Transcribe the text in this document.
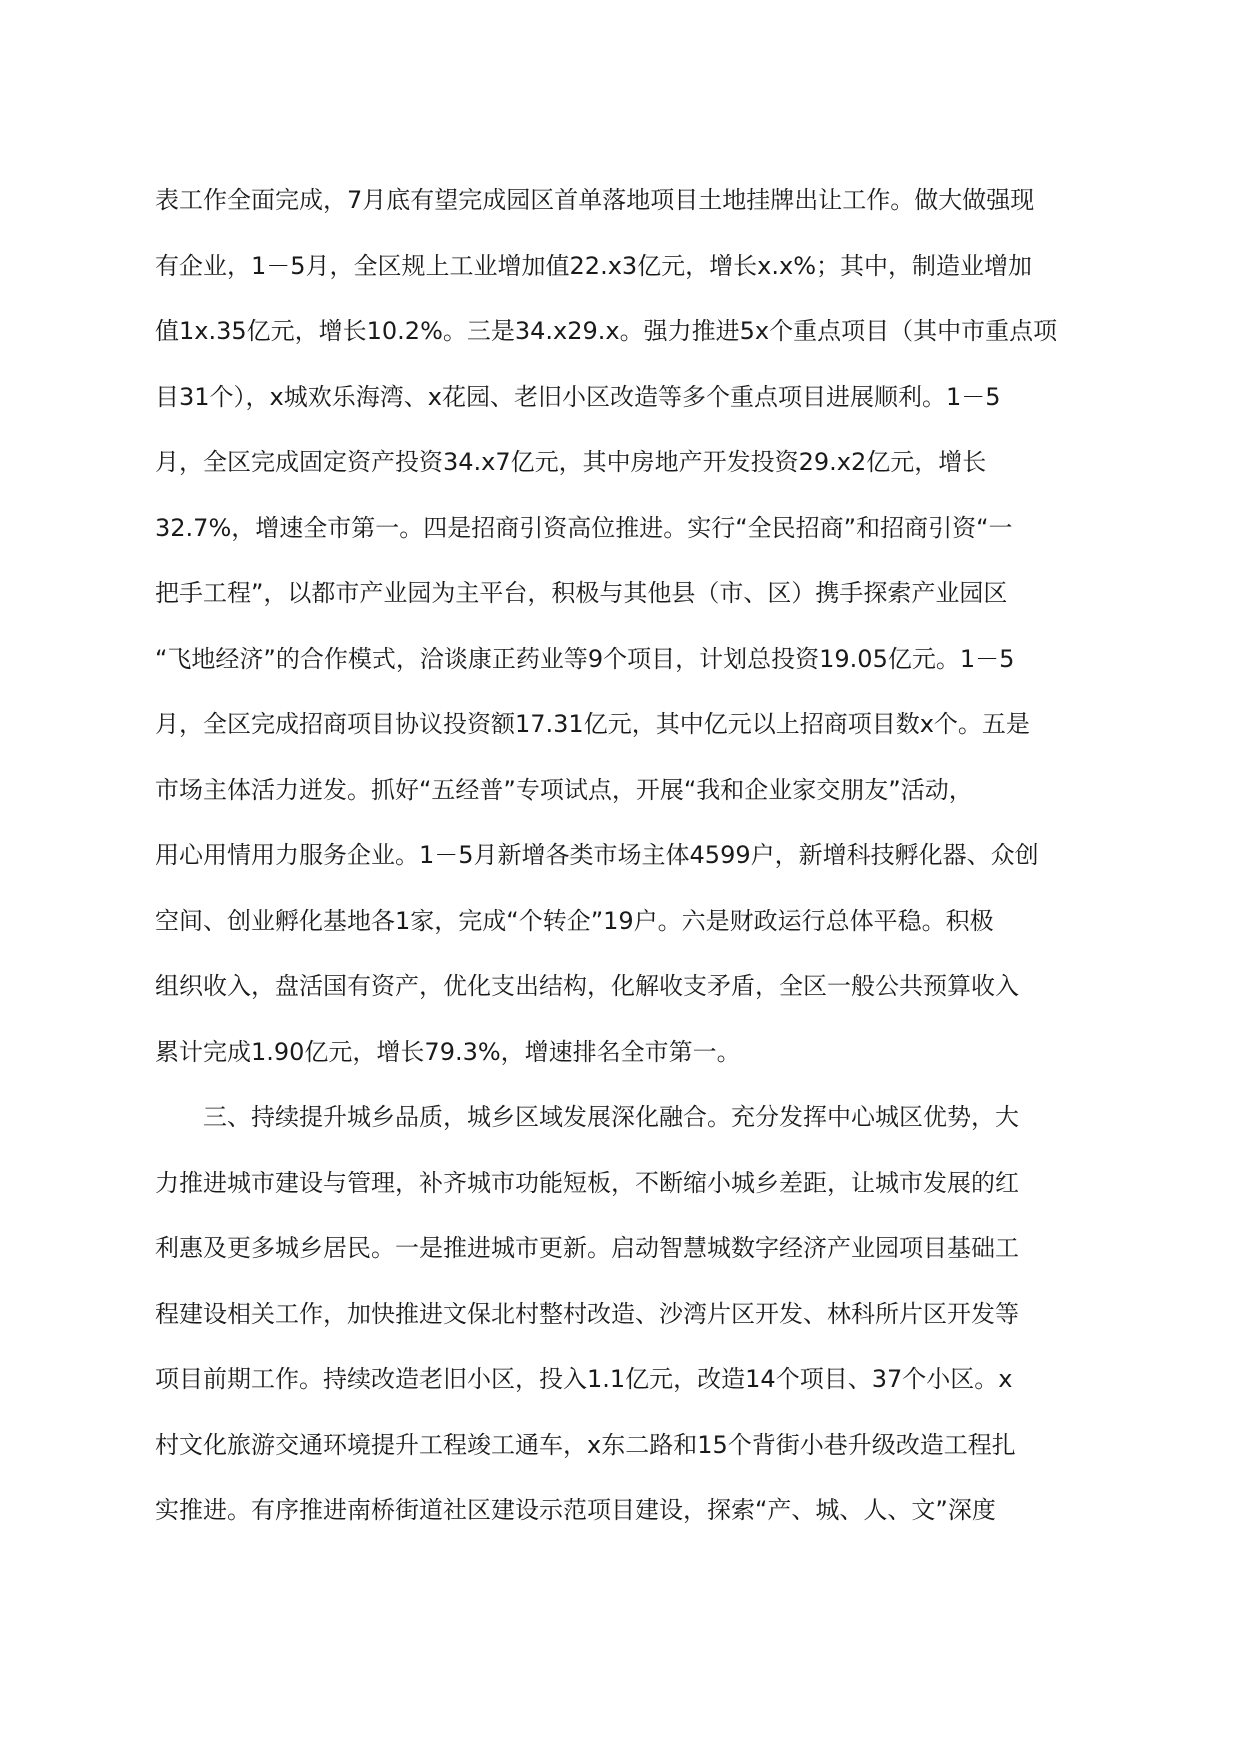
表工作全面完成，7月底有望完成园区首单落地项目土地挂牌出让工作。做大做强现
有企业，1－5月，全区规上工业增加值22.x3亿元，增长x.x%；其中，制造业增加
值1x.35亿元，增长10.2%。三是34.x29.x。强力推进5x个重点项目（其中市重点项
目31个），x城欢乐海湾、x花园、老旧小区改造等多个重点项目进展顺利。1－5
月，全区完成固定资产投资34.x7亿元，其中房地产开发投资29.x2亿元，增长
32.7%，增速全市第一。四是招商引资高位推进。实行“全民招商”和招商引资“一
把手工程”，以都市产业园为主平台，积极与其他县（市、区）携手探索产业园区
“飞地经济”的合作模式，洽谈康正药业等9个项目，计划总投资19.05亿元。1－5
月，全区完成招商项目协议投资额17.31亿元，其中亿元以上招商项目数x个。五是
市场主体活力迸发。抓好“五经普”专项试点，开展“我和企业家交朋友”活动，
用心用情用力服务企业。1－5月新增各类市场主体4599户，新增科技孵化器、众创
空间、创业孵化基地各1家，完成“个转企”19户。六是财政运行总体平稳。积极
组织收入，盘活国有资产，优化支出结构，化解收支矛盾，全区一般公共预算收入
累计完成1.90亿元，增长79.3%，增速排名全市第一。
三、持续提升城乡品质，城乡区域发展深化融合。充分发挥中心城区优势，大
力推进城市建设与管理，补齐城市功能短板，不断缩小城乡差距，让城市发展的红
利惠及更多城乡居民。一是推进城市更新。启动智慧城数字经济产业园项目基础工
程建设相关工作，加快推进文保北村整村改造、沙湾片区开发、林科所片区开发等
项目前期工作。持续改造老旧小区，投入1.1亿元，改造14个项目、37个小区。x
村文化旅游交通环境提升工程竣工通车，x东二路和15个背街小巷升级改造工程扎
实推进。有序推进南桥街道社区建设示范项目建设，探索“产、城、人、文”深度
